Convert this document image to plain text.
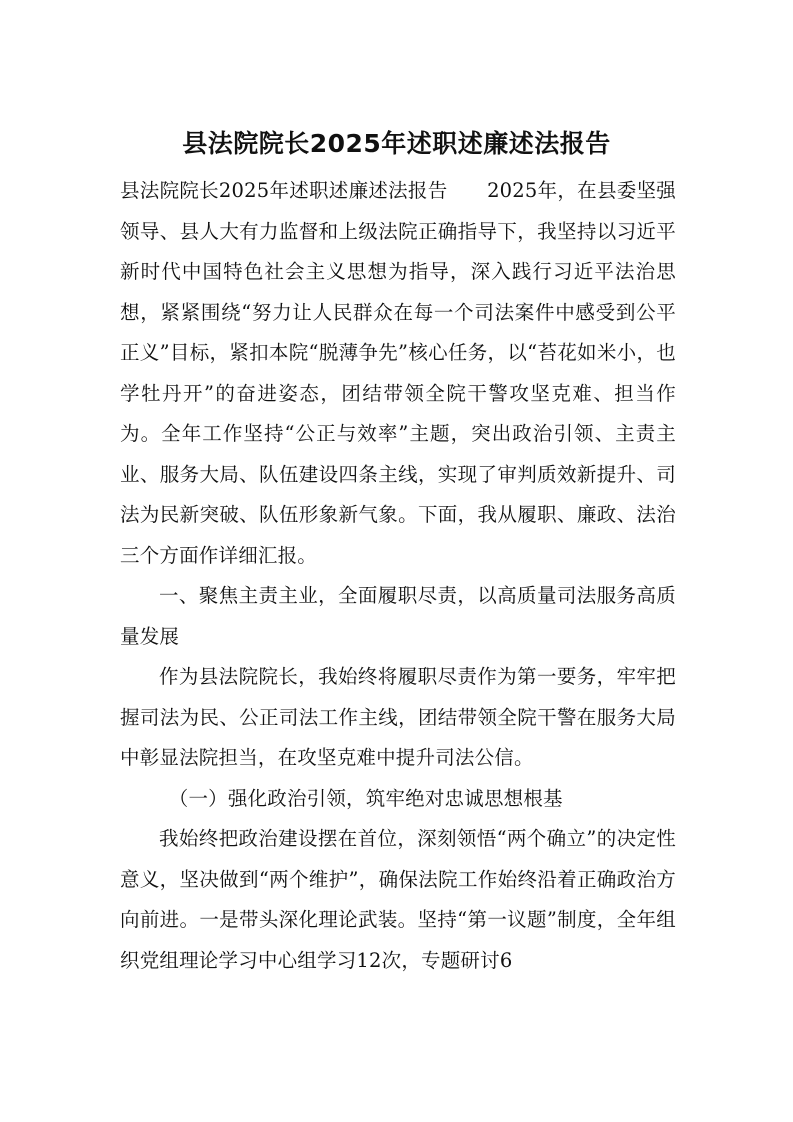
县法院院长2025年述职述廉述法报告

县法院院长2025年述职述廉述法报告　　2025年，在县委坚强领导、县人大有力监督和上级法院正确指导下，我坚持以习近平新时代中国特色社会主义思想为指导，深入践行习近平法治思想，紧紧围绕“努力让人民群众在每一个司法案件中感受到公平正义”目标，紧扣本院“脱薄争先”核心任务，以“苔花如米小，也学牡丹开”的奋进姿态，团结带领全院干警攻坚克难、担当作为。全年工作坚持“公正与效率”主题，突出政治引领、主责主业、服务大局、队伍建设四条主线，实现了审判质效新提升、司法为民新突破、队伍形象新气象。下面，我从履职、廉政、法治三个方面作详细汇报。

一、聚焦主责主业，全面履职尽责，以高质量司法服务高质量发展

作为县法院院长，我始终将履职尽责作为第一要务，牢牢把握司法为民、公正司法工作主线，团结带领全院干警在服务大局中彰显法院担当，在攻坚克难中提升司法公信。

（一）强化政治引领，筑牢绝对忠诚思想根基

我始终把政治建设摆在首位，深刻领悟“两个确立”的决定性意义，坚决做到“两个维护”，确保法院工作始终沿着正确政治方向前进。一是带头深化理论武装。坚持“第一议题”制度，全年组织党组理论学习中心组学习12次，专题研讨6
